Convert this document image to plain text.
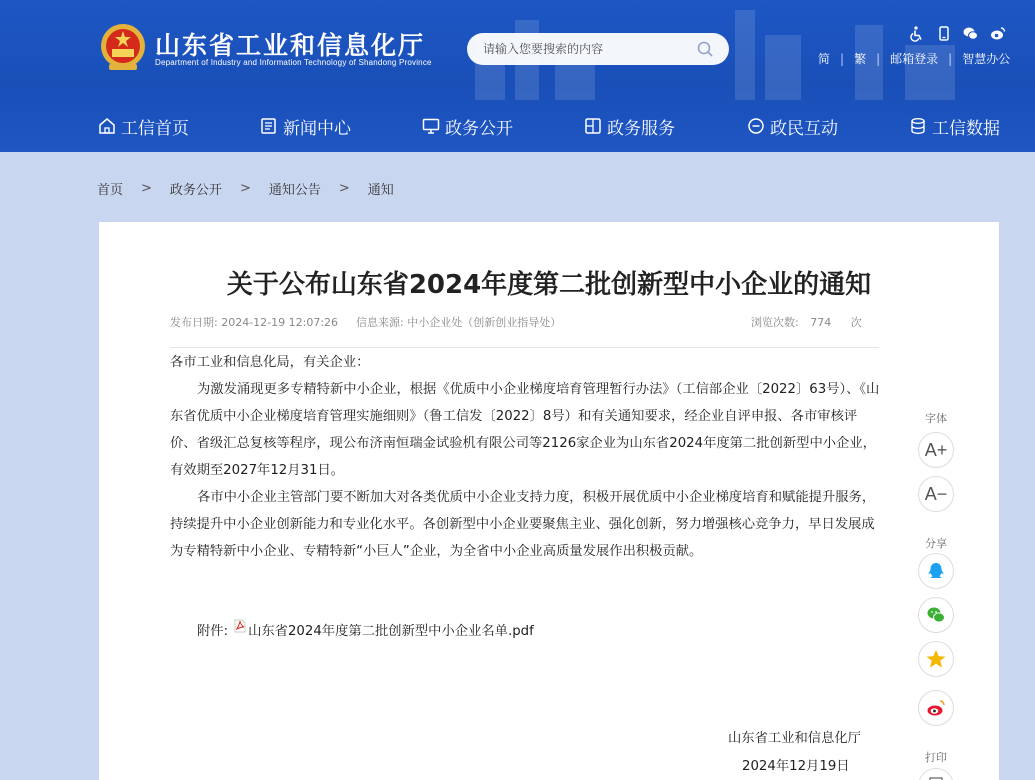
山东省工业和信息化厅
Department of Industry and Information Technology of Shandong Province
请输入您要搜索的内容	简 | 繁 | 邮箱登录 | 智慧办公
工信首页	新闻中心	政务公开	政务服务	政民互动	工信数据
首页 > 政务公开 > 通知公告 > 通知
关于公布山东省2024年度第二批创新型中小企业的通知
发布日期: 2024-12-19 12:07:26 信息来源: 中小企业处（创新创业指导处）	浏览次数: 774 次

各市工业和信息化局，有关企业：

为激发涌现更多专精特新中小企业，根据《优质中小企业梯度培育管理暂行办法》（工信部企业〔2022〕63号）、《山东省优质中小企业梯度培育管理实施细则》（鲁工信发〔2022〕8号）和有关通知要求，经企业自评申报、各市审核评价、省级汇总复核等程序，现公布济南恒瑞金试验机有限公司等2126家企业为山东省2024年度第二批创新型中小企业，有效期至2027年12月31日。

各市中小企业主管部门要不断加大对各类优质中小企业支持力度，积极开展优质中小企业梯度培育和赋能提升服务，持续提升中小企业创新能力和专业化水平。各创新型中小企业要聚焦主业、强化创新，努力增强核心竞争力，早日发展成为专精特新中小企业、专精特新“小巨人”企业，为全省中小企业高质量发展作出积极贡献。

附件: 山东省2024年度第二批创新型中小企业名单.pdf
山东省工业和信息化厅
2024年12月19日
字体
A+
A−
分享
打印
